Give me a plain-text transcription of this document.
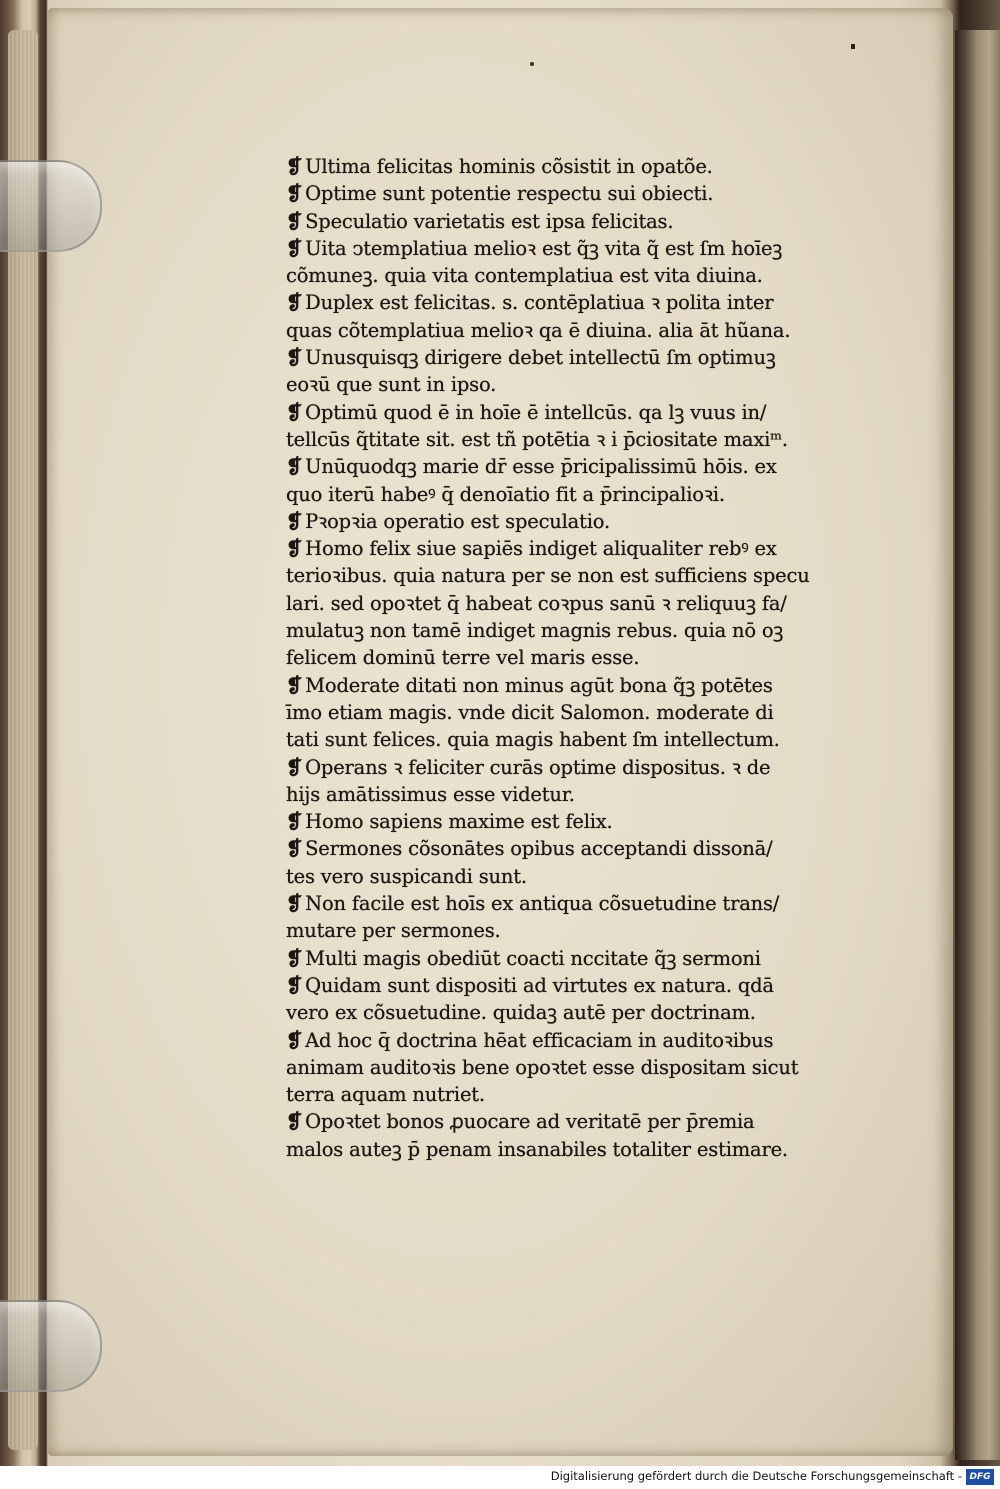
❡ Ultima felicitas hominis cõsistit in opatõe.
❡ Optime sunt potentie respectu sui obiecti.
❡ Speculatio varietatis est ipsa felicitas.
❡ Uita ↄtemplatiua melioꝛ est q̃ꝫ vita q̃ est ſm hoīeꝫ
cõmuneꝫ. quia vita contemplatiua est vita diuina.
❡ Duplex est felicitas. s. contēplatiua ꝛ polita inter
quas cõtemplatiua melioꝛ qa ē diuina. alia āt hũana.
❡ Unusquisqꝫ dirigere debet intellectū ſm optimuꝫ
eoꝛū que sunt in ipso.
❡ Optimū quod ē in hoīe ē intellcūs. qa lꝫ vuus in/
tellcūs q̃titate sit. est tñ potētia ꝛ i p̄ciositate maxiᵐ.
❡ Unūquodqꝫ marie dr̄ esse p̄ricipalissimū hōis. ex
quo iterū habeꝰ q̄ denoīatio fit a p̄rincipalioꝛi.
❡ Pꝛopꝛia operatio est speculatio.
❡ Homo felix siue sapiēs indiget aliqualiter rebꝰ ex
terioꝛibus. quia natura per se non est sufficiens specu
lari. sed opoꝛtet q̄ habeat coꝛpus sanū ꝛ reliquuꝫ fa/
mulatuꝫ non tamē indiget magnis rebus. quia nō oꝫ
felicem dominū terre vel maris esse.
❡ Moderate ditati non minus agūt bona q̃ꝫ potētes
īmo etiam magis. vnde dicit Salomon. moderate di
tati sunt felices. quia magis habent ſm intellectum.
❡ Operans ꝛ feliciter curās optime dispositus. ꝛ de
hijs amātissimus esse videtur.
❡ Homo sapiens maxime est felix.
❡ Sermones cõsonātes opibus acceptandi dissonā/
tes vero suspicandi sunt.
❡ Non facile est hoīs ex antiqua cõsuetudine trans/
mutare per sermones.
❡ Multi magis obediūt coacti nccitate q̃ꝫ sermoni
❡ Quidam sunt dispositi ad virtutes ex natura. qdā
vero ex cõsuetudine. quidaꝫ autē per doctrinam.
❡ Ad hoc q̄ doctrina hēat efficaciam in auditoꝛibus
animam auditoꝛis bene opoꝛtet esse dispositam sicut
terra aquam nutriet.
❡ Opoꝛtet bonos ꝓuocare ad veritatē per p̄remia
malos auteꝫ p̄ penam insanabiles totaliter estimare.
Digitalisierung gefördert durch die Deutsche Forschungsgemeinschaft - DFG
